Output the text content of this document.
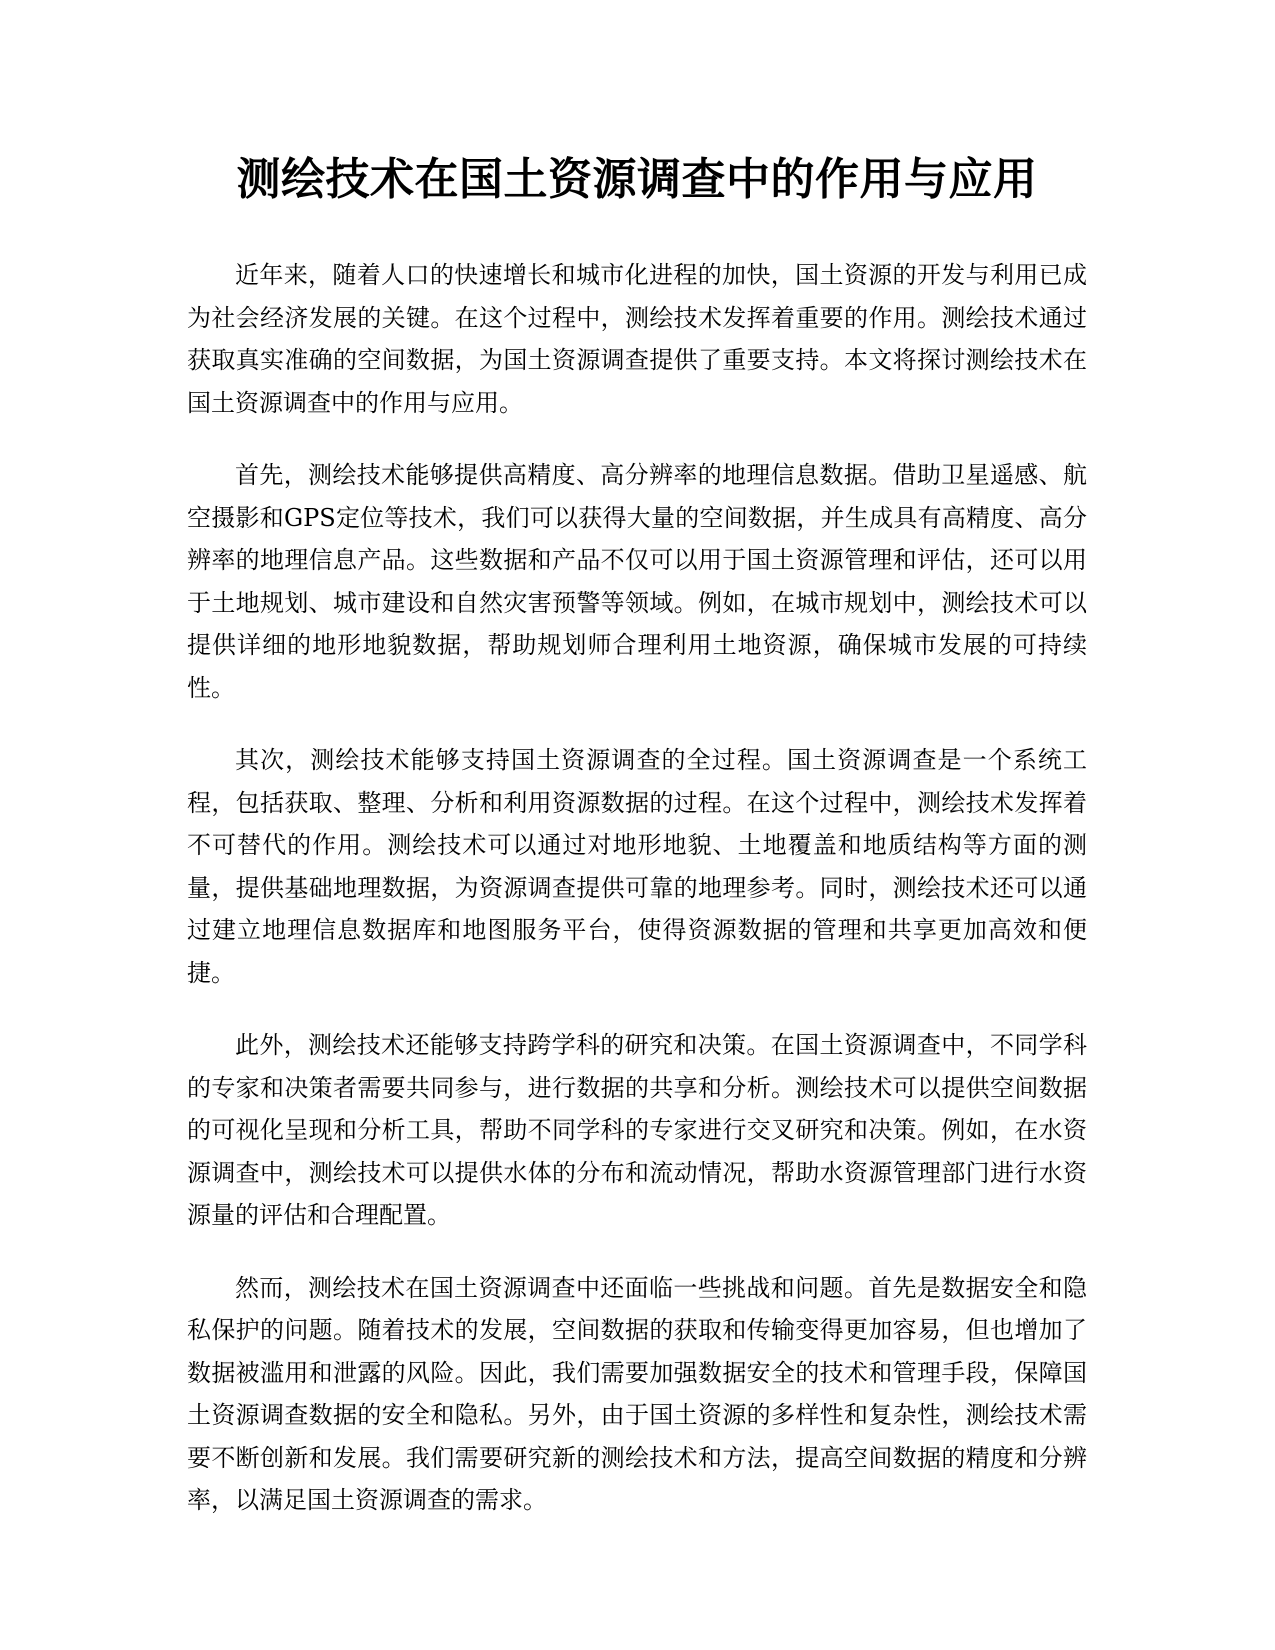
测绘技术在国土资源调查中的作用与应用

近年来，随着人口的快速增长和城市化进程的加快，国土资源的开发与利用已成为社会经济发展的关键。在这个过程中，测绘技术发挥着重要的作用。测绘技术通过获取真实准确的空间数据，为国土资源调查提供了重要支持。本文将探讨测绘技术在国土资源调查中的作用与应用。

首先，测绘技术能够提供高精度、高分辨率的地理信息数据。借助卫星遥感、航空摄影和GPS定位等技术，我们可以获得大量的空间数据，并生成具有高精度、高分辨率的地理信息产品。这些数据和产品不仅可以用于国土资源管理和评估，还可以用于土地规划、城市建设和自然灾害预警等领域。例如，在城市规划中，测绘技术可以提供详细的地形地貌数据，帮助规划师合理利用土地资源，确保城市发展的可持续性。

其次，测绘技术能够支持国土资源调查的全过程。国土资源调查是一个系统工程，包括获取、整理、分析和利用资源数据的过程。在这个过程中，测绘技术发挥着不可替代的作用。测绘技术可以通过对地形地貌、土地覆盖和地质结构等方面的测量，提供基础地理数据，为资源调查提供可靠的地理参考。同时，测绘技术还可以通过建立地理信息数据库和地图服务平台，使得资源数据的管理和共享更加高效和便捷。

此外，测绘技术还能够支持跨学科的研究和决策。在国土资源调查中，不同学科的专家和决策者需要共同参与，进行数据的共享和分析。测绘技术可以提供空间数据的可视化呈现和分析工具，帮助不同学科的专家进行交叉研究和决策。例如，在水资源调查中，测绘技术可以提供水体的分布和流动情况，帮助水资源管理部门进行水资源量的评估和合理配置。

然而，测绘技术在国土资源调查中还面临一些挑战和问题。首先是数据安全和隐私保护的问题。随着技术的发展，空间数据的获取和传输变得更加容易，但也增加了数据被滥用和泄露的风险。因此，我们需要加强数据安全的技术和管理手段，保障国土资源调查数据的安全和隐私。另外，由于国土资源的多样性和复杂性，测绘技术需要不断创新和发展。我们需要研究新的测绘技术和方法，提高空间数据的精度和分辨率，以满足国土资源调查的需求。
